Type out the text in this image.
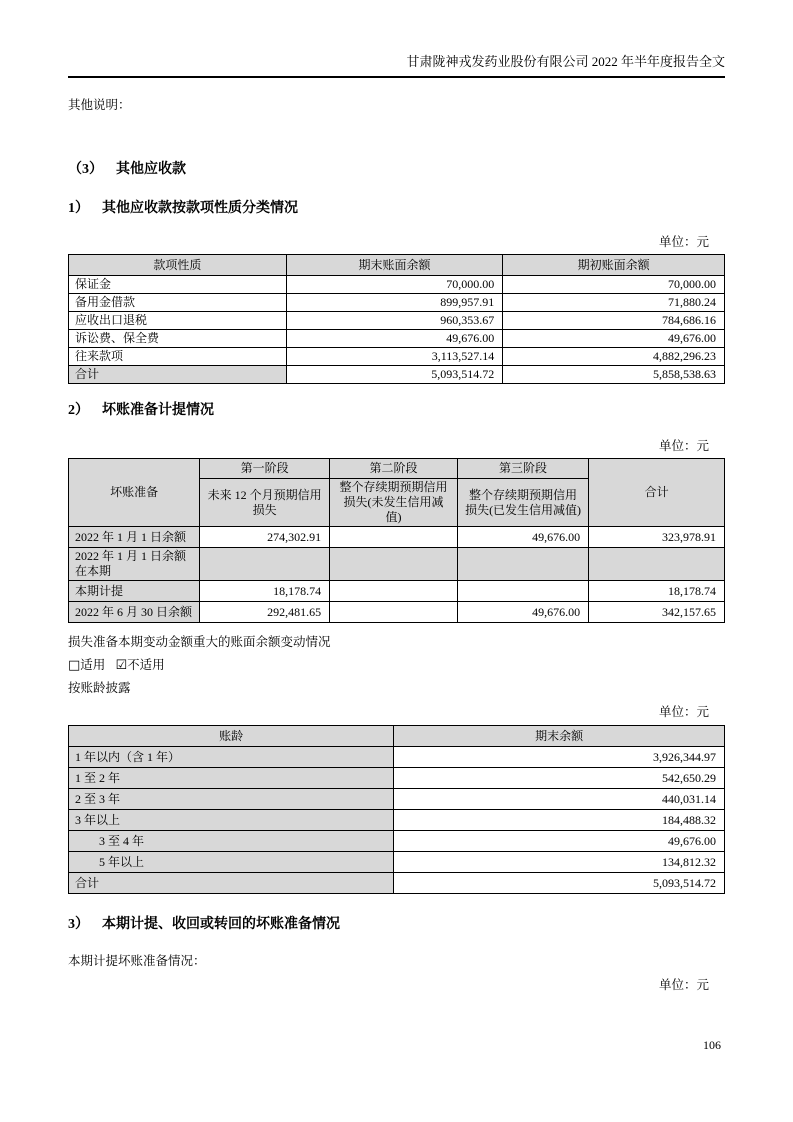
甘肃陇神戎发药业股份有限公司 2022 年半年度报告全文

其他说明：

（3） 其他应收款
1） 其他应收款按款项性质分类情况
单位：元
款项性质	期末账面余额	期初账面余额
保证金	70,000.00	70,000.00
备用金借款	899,957.91	71,880.24
应收出口退税	960,353.67	784,686.16
诉讼费、保全费	49,676.00	49,676.00
往来款项	3,113,527.14	4,882,296.23
合计	5,093,514.72	5,858,538.63
2） 坏账准备计提情况
单位：元
坏账准备	第一阶段	第二阶段	第三阶段	合计
	未来 12 个月预期信用损失	整个存续期预期信用损失(未发生信用减值)	整个存续期预期信用损失(已发生信用减值)	
2022 年 1 月 1 日余额	274,302.91		49,676.00	323,978.91
2022 年 1 月 1 日余额在本期				
本期计提	18,178.74			18,178.74
2022 年 6 月 30 日余额	292,481.65		49,676.00	342,157.65

损失准备本期变动金额重大的账面余额变动情况

□适用 ☑不适用

按账龄披露

单位：元
账龄	期末余额
1 年以内（含 1 年）	3,926,344.97
1 至 2 年	542,650.29
2 至 3 年	440,031.14
3 年以上	184,488.32
3 至 4 年	49,676.00
5 年以上	134,812.32
合计	5,093,514.72
3） 本期计提、收回或转回的坏账准备情况

本期计提坏账准备情况：

单位：元
106
